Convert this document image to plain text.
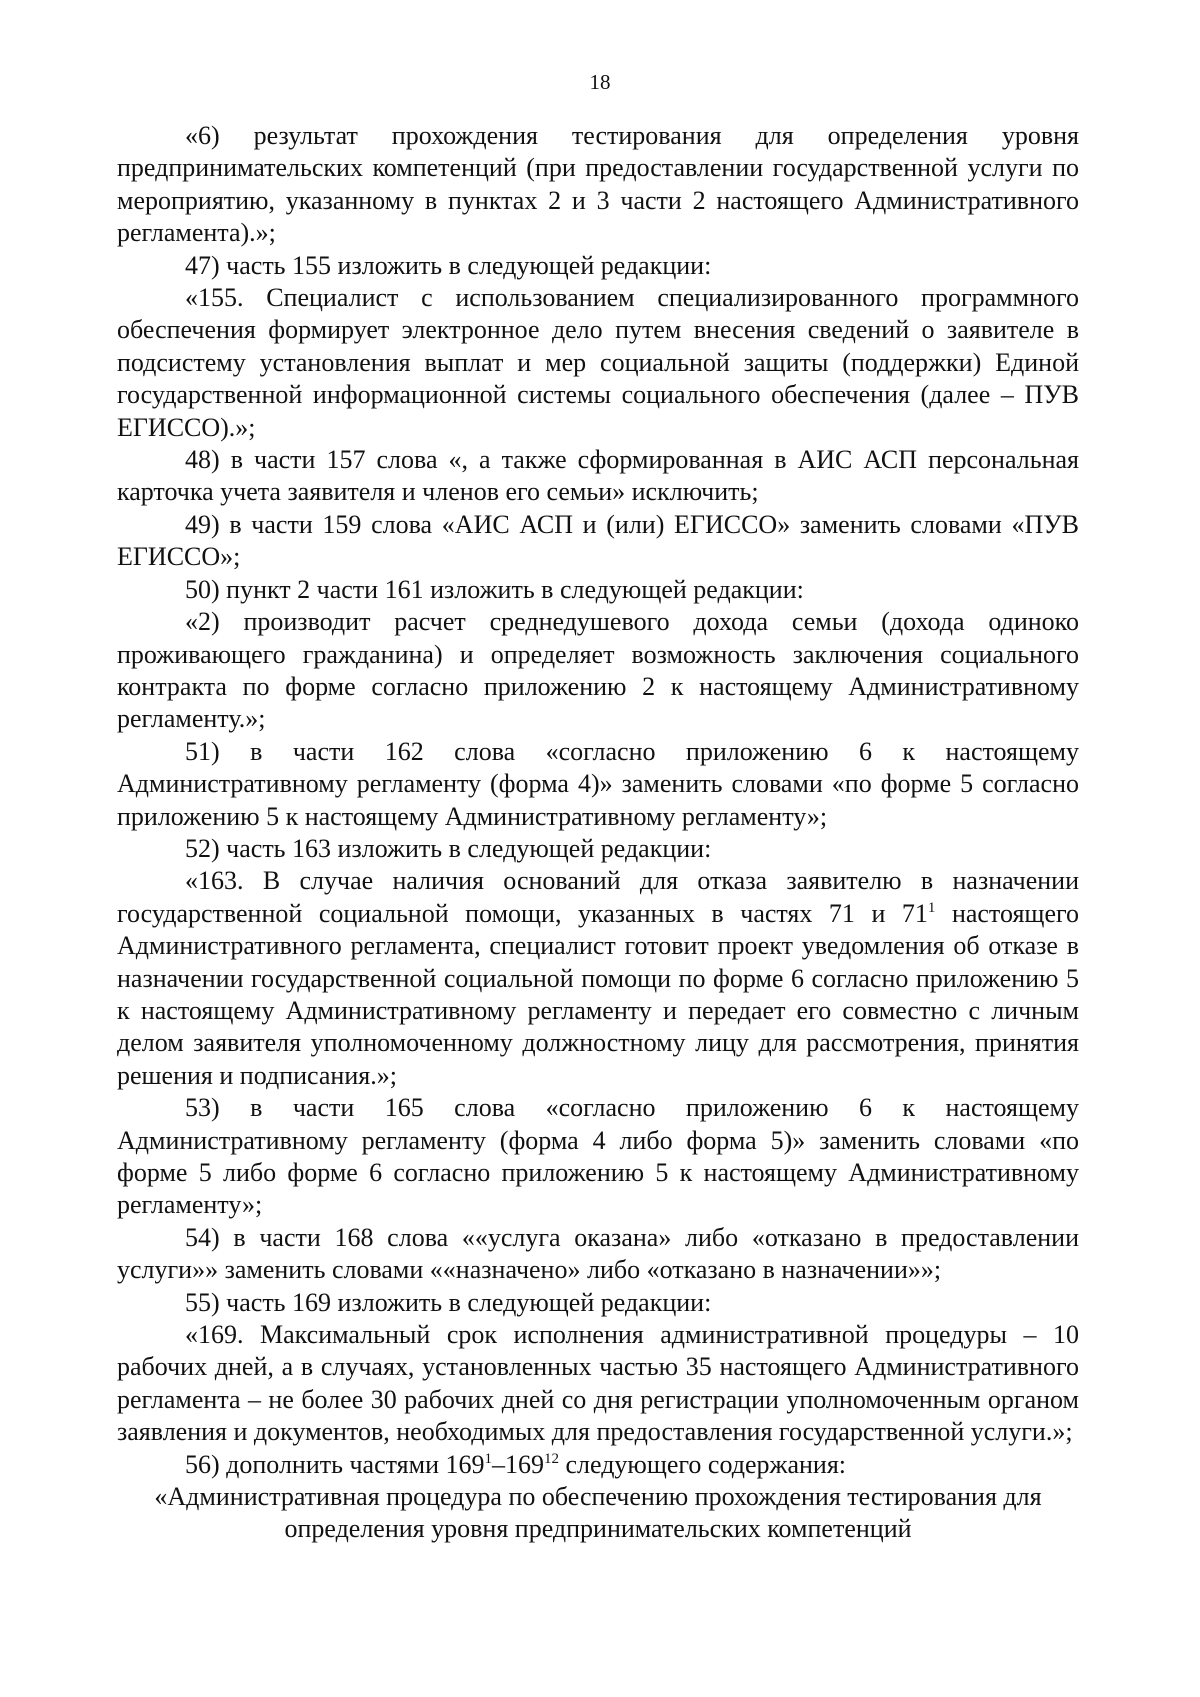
18

«6) результат прохождения тестирования для определения уровня предпринимательских компетенций (при предоставлении государственной услуги по мероприятию, указанному в пунктах 2 и 3 части 2 настоящего Административного регламента).»;

47) часть 155 изложить в следующей редакции:

«155. Специалист с использованием специализированного программного обеспечения формирует электронное дело путем внесения сведений о заявителе в подсистему установления выплат и мер социальной защиты (поддержки) Единой государственной информационной системы социального обеспечения (далее – ПУВ ЕГИССО).»;

48) в части 157 слова «, а также сформированная в АИС АСП персональная карточка учета заявителя и членов его семьи» исключить;

49) в части 159 слова «АИС АСП и (или) ЕГИССО» заменить словами «ПУВ ЕГИССО»;

50) пункт 2 части 161 изложить в следующей редакции:

«2) производит расчет среднедушевого дохода семьи (дохода одиноко проживающего гражданина) и определяет возможность заключения социального контракта по форме согласно приложению 2 к настоящему Административному регламенту.»;

51) в части 162 слова «согласно приложению 6 к настоящему Административному регламенту (форма 4)» заменить словами «по форме 5 согласно приложению 5 к настоящему Административному регламенту»;

52) часть 163 изложить в следующей редакции:

«163. В случае наличия оснований для отказа заявителю в назначении государственной социальной помощи, указанных в частях 71 и $71^1$ настоящего Административного регламента, специалист готовит проект уведомления об отказе в назначении государственной социальной помощи по форме 6 согласно приложению 5 к настоящему Административному регламенту и передает его совместно с личным делом заявителя уполномоченному должностному лицу для рассмотрения, принятия решения и подписания.»;

53) в части 165 слова «согласно приложению 6 к настоящему Административному регламенту (форма 4 либо форма 5)» заменить словами «по форме 5 либо форме 6 согласно приложению 5 к настоящему Административному регламенту»;

54) в части 168 слова ««услуга оказана» либо «отказано в предоставлении услуги»» заменить словами ««назначено» либо «отказано в назначении»»;

55) часть 169 изложить в следующей редакции:

«169. Максимальный срок исполнения административной процедуры – 10 рабочих дней, а в случаях, установленных частью 35 настоящего Административного регламента – не более 30 рабочих дней со дня регистрации уполномоченным органом заявления и документов, необходимых для предоставления государственной услуги.»;

56) дополнить частями $169^1-169^{12}$ следующего содержания:

«Административная процедура по обеспечению прохождения тестирования для определения уровня предпринимательских компетенций
